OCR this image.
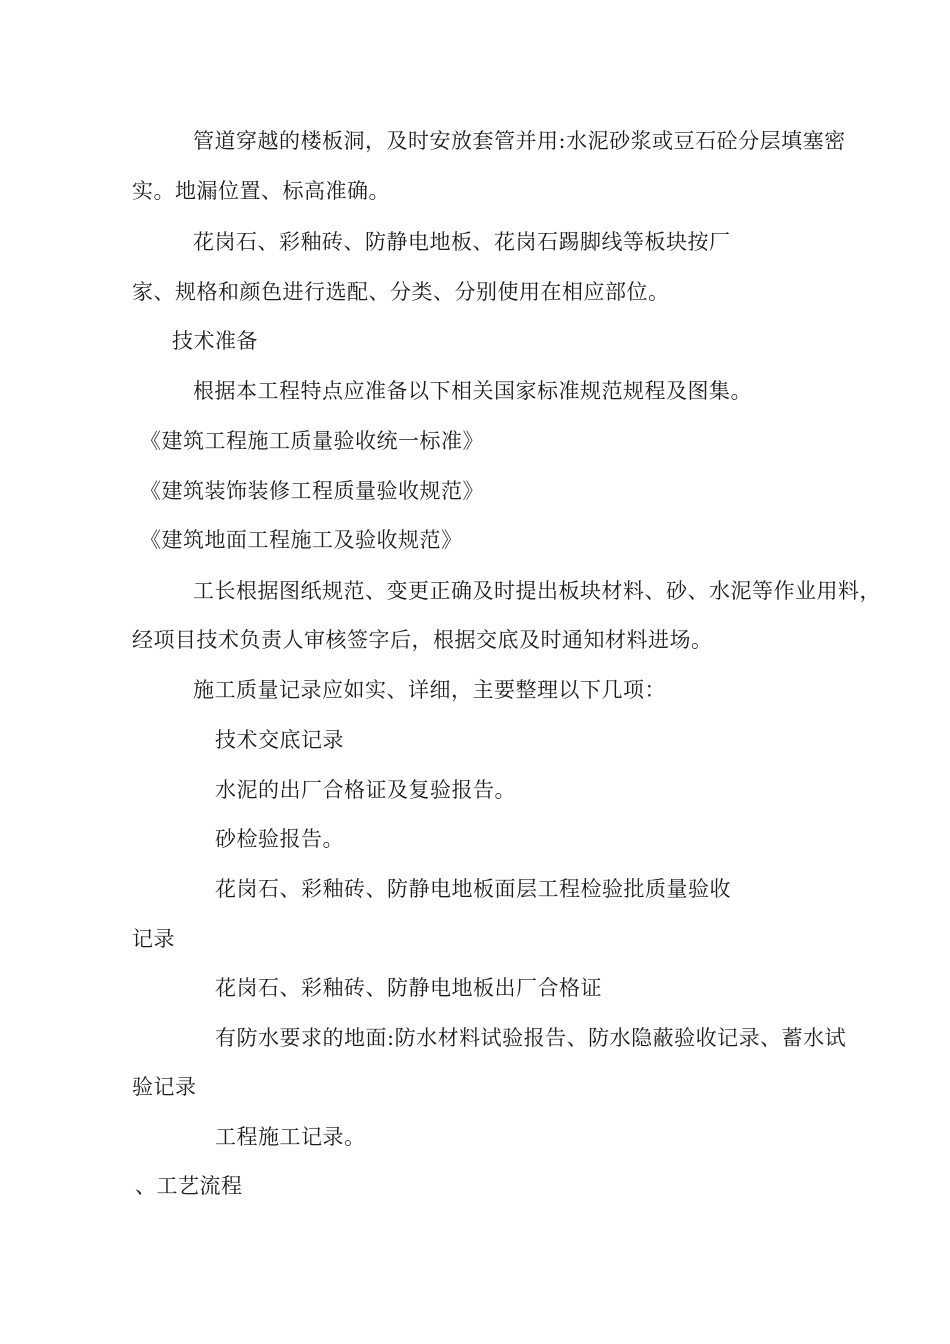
管道穿越的楼板洞，及时安放套管并用:水泥砂浆或豆石砼分层填塞密
实。地漏位置、标高准确。
花岗石、彩釉砖、防静电地板、花岗石踢脚线等板块按厂
家、规格和颜色进行选配、分类、分别使用在相应部位。
技术准备
根据本工程特点应准备以下相关国家标准规范规程及图集。
《建筑工程施工质量验收统一标准》
《建筑装饰装修工程质量验收规范》
《建筑地面工程施工及验收规范》
工长根据图纸规范、变更正确及时提出板块材料、砂、水泥等作业用料，
经项目技术负责人审核签字后，根据交底及时通知材料进场。
施工质量记录应如实、详细，主要整理以下几项：
技术交底记录
水泥的出厂合格证及复验报告。
砂检验报告。
花岗石、彩釉砖、防静电地板面层工程检验批质量验收
记录
花岗石、彩釉砖、防静电地板出厂合格证
有防水要求的地面:防水材料试验报告、防水隐蔽验收记录、蓄水试
验记录
工程施工记录。
、工艺流程
